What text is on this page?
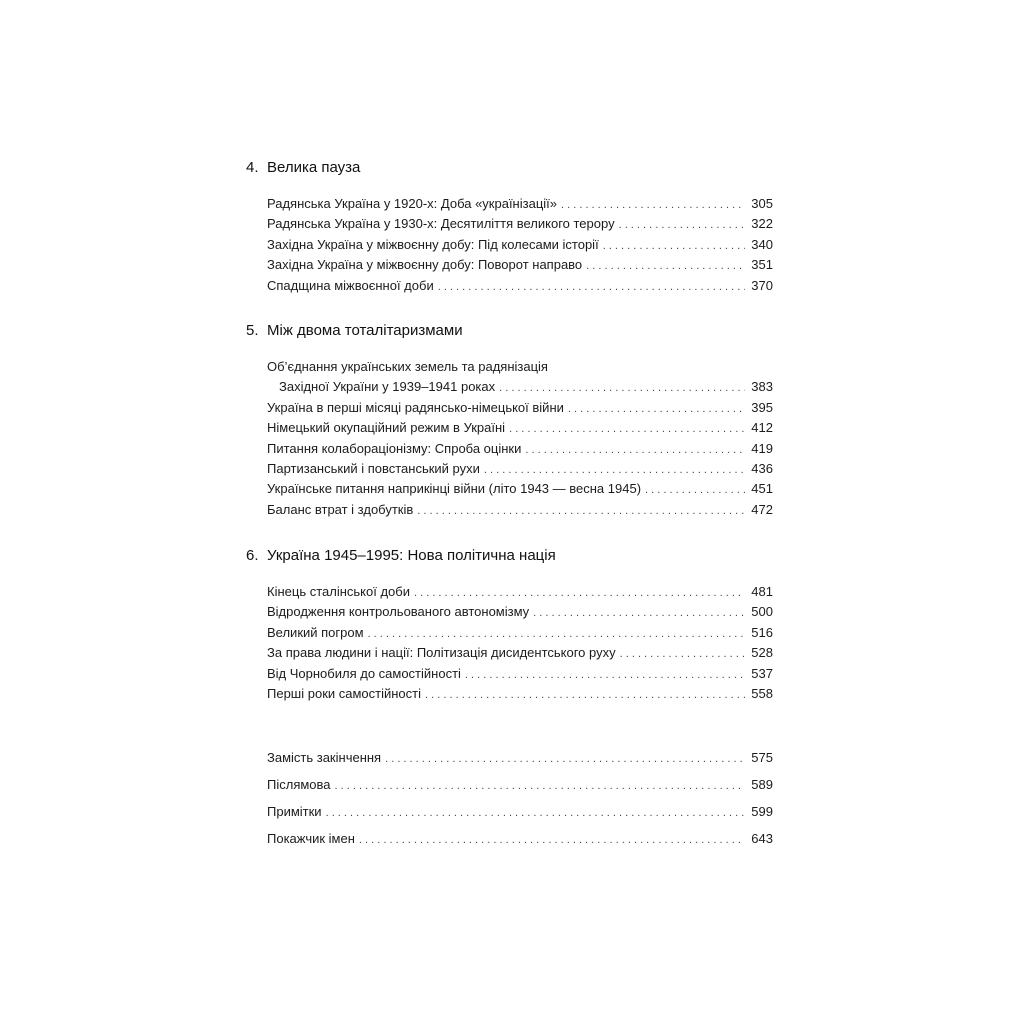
4. Велика пауза
Радянська Україна у 1920-х: Доба «українізації» . . .	305
Радянська Україна у 1930-х: Десятиліття великого терору . . .	322
Західна Україна у міжвоєнну добу: Під колесами історії . . .	340
Західна Україна у міжвоєнну добу: Поворот направо . . .	351
Спадщина міжвоєнної доби . . .	370
5. Між двома тоталітаризмами
Об’єднання українських земель та радянізація
Західної України у 1939–1941 роках . . .	383
Україна в перші місяці радянсько-німецької війни . . .	395
Німецький окупаційний режим в Україні . . .	412
Питання колабораціонізму: Спроба оцінки . . .	419
Партизанський і повстанський рухи . . .	436
Українське питання наприкінці війни (літо 1943 — весна 1945) . . .	451
Баланс втрат і здобутків . . .	472
6. Україна 1945–1995: Нова політична нація
Кінець сталінської доби . . .	481
Відродження контрольованого автономізму . . .	500
Великий погром . . .	516
За права людини і нації: Політизація дисидентського руху . . .	528
Від Чорнобиля до самостійності . . .	537
Перші роки самостійності . . .	558
Замість закінчення . . .	575
Післямова . . .	589
Примітки . . .	599
Покажчик імен . . .	643
